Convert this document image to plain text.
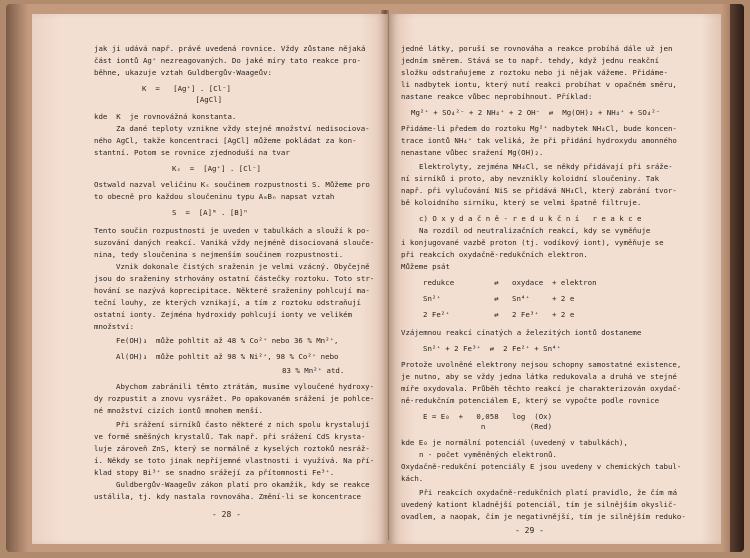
jak ji udává např. právě uvedená rovnice. Vždy zůstane nějaká
část iontů Ag⁺ nezreagovaných. Do jaké míry tato reakce pro-
běhne, ukazuje vztah Guldbergův-Waageův:
K  =   [Ag⁺] . [Cl⁻]
[AgCl]
kde  K  je rovnovážná konstanta.
Za dané teploty vznikne vždy stejné množství nedisociova-
ného AgCl, takže koncentraci [AgCl] můžeme pokládat za kon-
stantní. Potom se rovnice zjednoduší na tvar
Kₛ  =  [Ag⁺] . [Cl⁻]
Ostwald nazval veličinu Kₛ součinem rozpustnosti S. Můžeme pro
to obecně pro každou sloučeninu typu AₘBₙ napsat vztah
S  =  [A]ᵐ . [B]ⁿ
Tento součin rozpustnosti je uveden v tabulkách a slouží k po-
suzování daných reakcí. Vaniká vždy nejméně disociovaná slouče-
nina, tedy sloučenina s nejmenším součinem rozpustnosti.
Vznik dokonale čistých sraženin je velmi vzácný. Obyčejně
jsou do sraženiny strhovány ostatní částečky roztoku. Toto str-
hování se nazývá koprecipitace. Některé sraženiny pohlcují ma-
teční louhy, ze kterých vznikají, a tím z roztoku odstraňují
ostatní ionty. Zejména hydroxidy pohlcují ionty ve velikém
množství:
Fe(OH)₃  může pohltit až 48 % Co²⁺ nebo 36 % Mn²⁺,
Al(OH)₃  může pohltit až 98 % Ni²⁺, 98 % Co²⁺ nebo
83 % Mn²⁺ atd.
Abychom zabránili těmto ztrátám, musíme vyloučené hydroxy-
dy rozpustit a znovu vysrážet. Po opakovaném srážení je pohlce-
né množství cizích iontů mnohem menší.
Při srážení sirníků často některé z nich spolu krystalují
ve formě směšných krystalů. Tak např. při srážení CdS krysta-
luje zároveň ZnS, který se normálně z kyselých roztoků nesráž-
í. Někdy se toto jinak nepříjemné vlastnosti i využívá. Na pří-
klad stopy Bi³⁺ se snadno srážejí za přítomnosti Fe³⁺.
Guldbergův-Waageův zákon platí pro okamžik, kdy se reakce
ustálila, tj. kdy nastala rovnováha. Změní-li se koncentrace
- 28 -
jedné látky, poruší se rovnováha a reakce probíhá dále už jen
jedním směrem. Stává se to např. tehdy, když jednu reakční
složku odstraňujeme z roztoku nebo ji nějak vážeme. Přidáme-
li nadbytek iontu, který nutí reakci probíhat v opačném směru,
nastane reakce vůbec neprobíhnout. Příklad:
Mg²⁺ + SO₄²⁻ + 2 NH₄⁺ + 2 OH⁻  ⇄  Mg(OH)₂ + NH₄⁺ + SO₄²⁻
Přidáme-li předem do roztoku Mg²⁺ nadbytek NH₄Cl, bude koncen-
trace iontů NH₄⁺ tak veliká, že při přidání hydroxydu amonného
nenastane vůbec sražení Mg(OH)₂.
Elektrolyty, zejména NH₄Cl, se někdy přidávají při sráže-
ní sirníků i proto, aby nevznikly koloidní sloučeniny. Tak
např. při vylučování NiS se přidává NH₄Cl, který zabrání tvor-
bě koloidního sirníku, který se velmi špatně filtruje.
c) O x y d a č n ě - r e d u k č n í   r e a k c e
Na rozdíl od neutralizačních reakcí, kdy se vyměňuje
i konjugované vazbě proton (tj. vodíkový iont), vyměňuje se
při reakcích oxydačně-redukčních elektron.
Můžeme psát
redukce         ⇄   oxydace  + elektron
Sn²⁺            ⇄   Sn⁴⁺     + 2 e
2 Fe²⁺          ⇄   2 Fe³⁺   + 2 e
Vzájemnou reakcí cínatých a železitých iontů dostaneme
Sn²⁺ + 2 Fe³⁺  ⇄  2 Fe²⁺ + Sn⁴⁺
Protože uvolněné elektrony nejsou schopny samostatné existence,
je nutno, aby se vždy jedna látka redukovala a druhá ve stejné
míře oxydovala. Průběh těchto reakcí je charakterizován oxydač-
ně-redukčním potenciálem E, který se vypočte podle rovnice
E = E₀  +   0,058   log  (Ox)
n          (Red)
kde E₀ je normální potenciál (uvedený v tabulkách),
n - počet vyměněných elektronů.
Oxydačně-redukční potenciály E jsou uvedeny v chemických tabul-
kách.
Při reakcích oxydačně-redukčních platí pravidlo, že čím má
uvedený kationt kladnější potenciál, tím je silnějším okyslič-
ovadlem, a naopak, čím je negativnější, tím je silnějším reduko-
- 29 -
